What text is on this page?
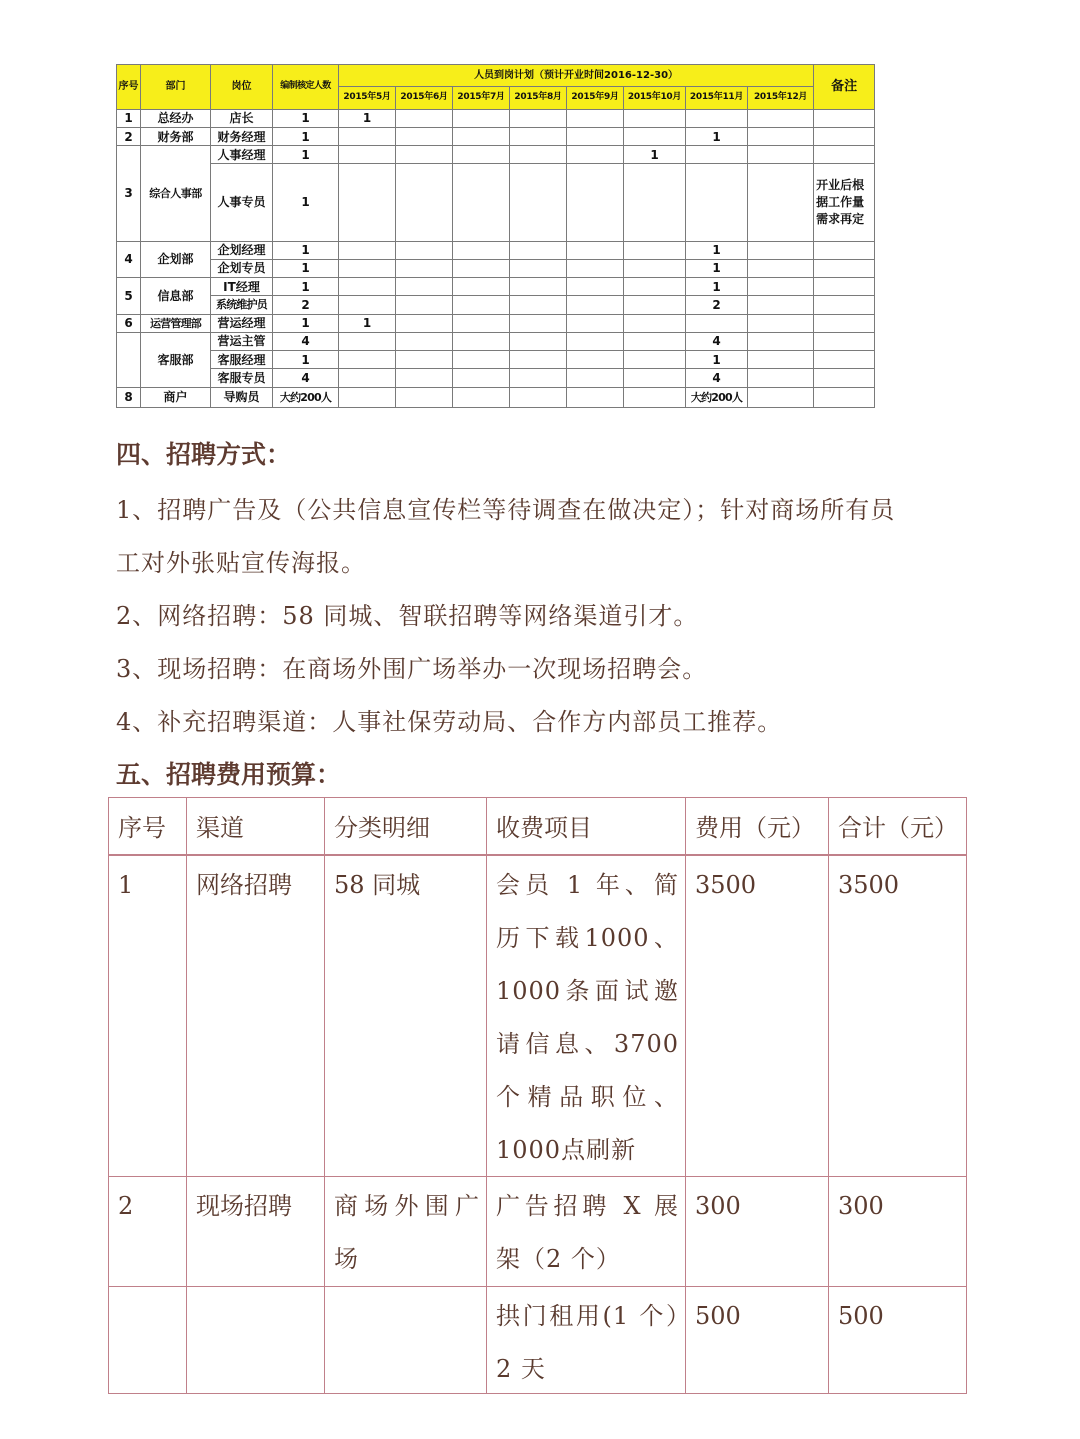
序号	部门	岗位	编制核定人数	人员到岗计划（预计开业时间2016-12-30）								备注
				2015年5月	2015年6月	2015年7月	2015年8月	2015年9月	2015年10月	2015年11月	2015年12月	
1	总经办	店长	1	1								
2	财务部	财务经理	1							1		
3	综合人事部	人事经理	1						1			
		人事专员	1									开业后根据工作量需求再定
4	企划部	企划经理	1							1		
		企划专员	1							1		
5	信息部	IT经理	1							1		
		系统维护员	2							2		
6	运营管理部	营运经理	1	1								
	客服部	营运主管	4							4		
		客服经理	1							1		
		客服专员	4							4		
8	商户	导购员	大约200人							大约200人		
四、招聘方式：

1、招聘广告及（公共信息宣传栏等待调查在做决定）；针对商场所有员

工对外张贴宣传海报。

2、网络招聘：58 同城、智联招聘等网络渠道引才。

3、现场招聘：在商场外围广场举办一次现场招聘会。

4、补充招聘渠道：人事社保劳动局、合作方内部员工推荐。

五、招聘费用预算：
序号	渠道	分类明细	收费项目	费用（元）	合计（元）

1	网络招聘	58 同城	会员 1 年、简历下载1000、1000条面试邀请信息、3700 个精品职位、1000点刷新	3500	3500

2	现场招聘	商场外围广场	广告招聘 X 展架（2 个）	300	300

			拱门租用(1 个）2 天	500	500
